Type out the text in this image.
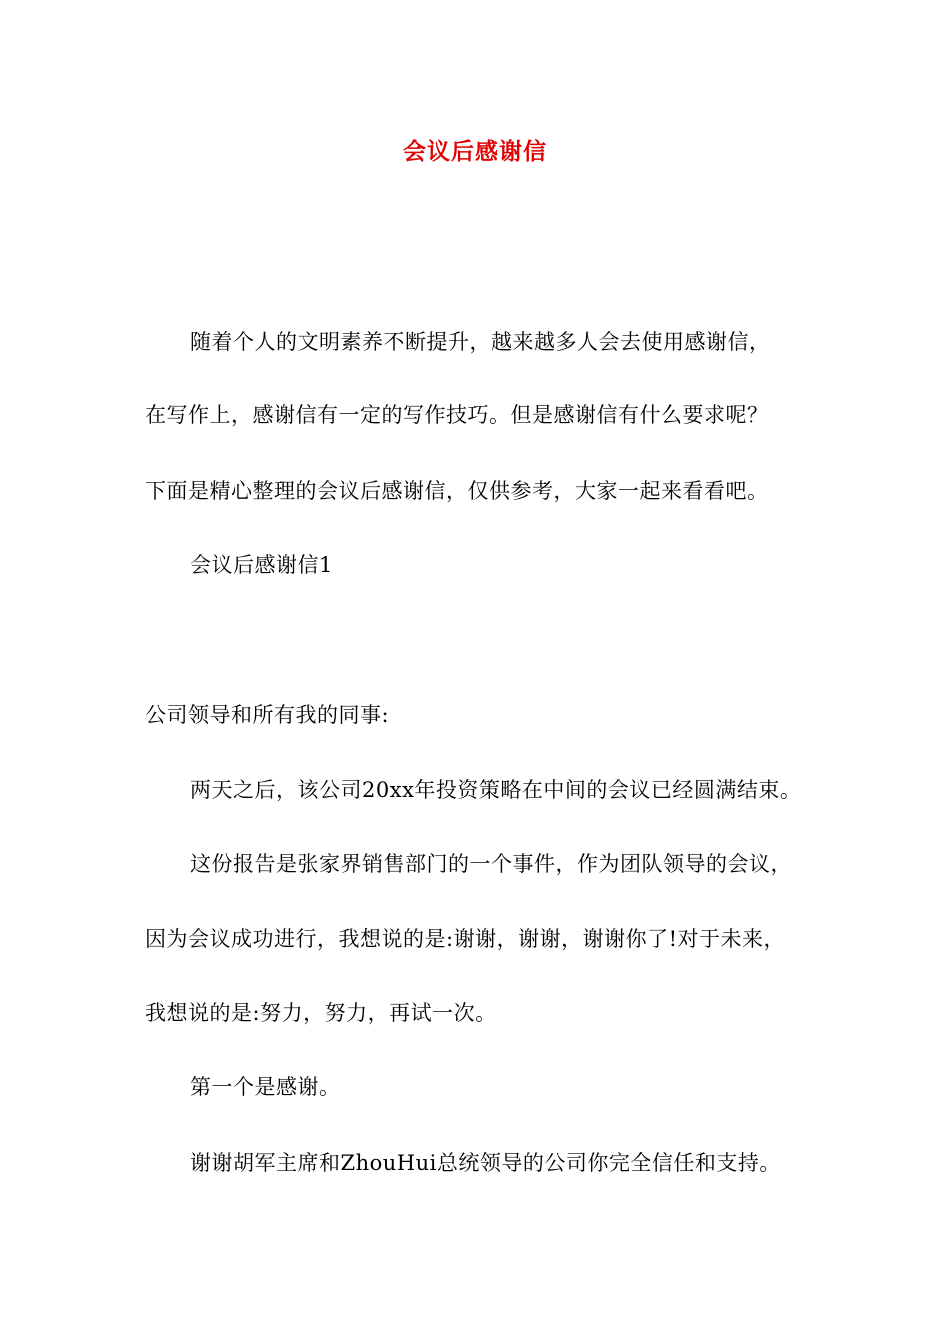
会议后感谢信
随着个人的文明素养不断提升，越来越多人会去使用感谢信，
在写作上，感谢信有一定的写作技巧。但是感谢信有什么要求呢？
下面是精心整理的会议后感谢信，仅供参考，大家一起来看看吧。
会议后感谢信1
公司领导和所有我的同事:
两天之后，该公司20xx年投资策略在中间的会议已经圆满结束。
这份报告是张家界销售部门的一个事件，作为团队领导的会议，
因为会议成功进行，我想说的是:谢谢，谢谢，谢谢你了!对于未来，
我想说的是:努力，努力，再试一次。
第一个是感谢。
谢谢胡军主席和ZhouHui总统领导的公司你完全信任和支持。
